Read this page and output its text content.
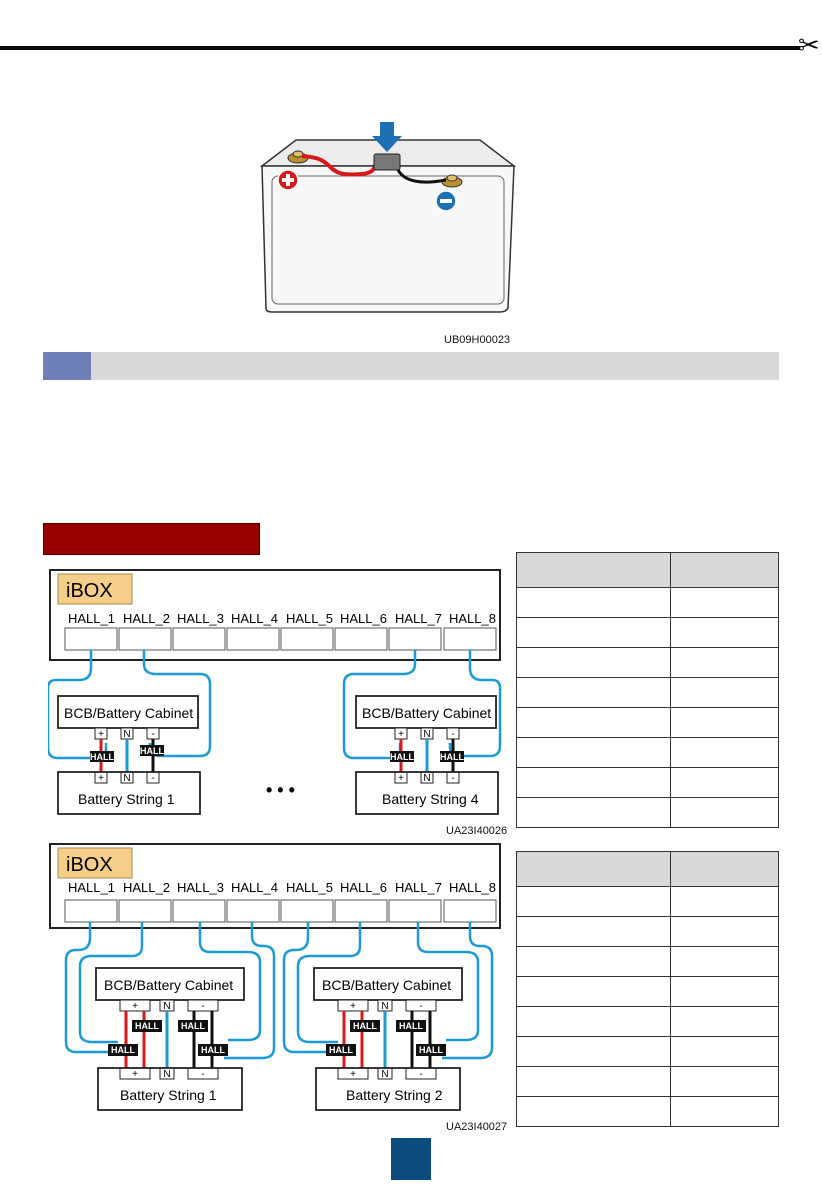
✂
UB09H00023
iBOX
HALL_1 HALL_2 HALL_3 HALL_4 HALL_5 HALL_6 HALL_7 HALL_8
BCB/Battery Cabinet
+ N -
HALL
HALL
+ N -
Battery String 1	• • •
BCB/Battery Cabinet
+ N -
HALL	HALL
+ N -
Battery String 4
UA23I40026

iBOX
HALL_1 HALL_2 HALL_3 HALL_4 HALL_5 HALL_6 HALL_7 HALL_8
BCB/Battery Cabinet
+	N	-
HALL
HALL
HALL
HALL
+	N	-
Battery String 1
BCB/Battery Cabinet
+	N	-
HALL
HALL
HALL
HALL
+	N	-
Battery String 2
UA23I40027
